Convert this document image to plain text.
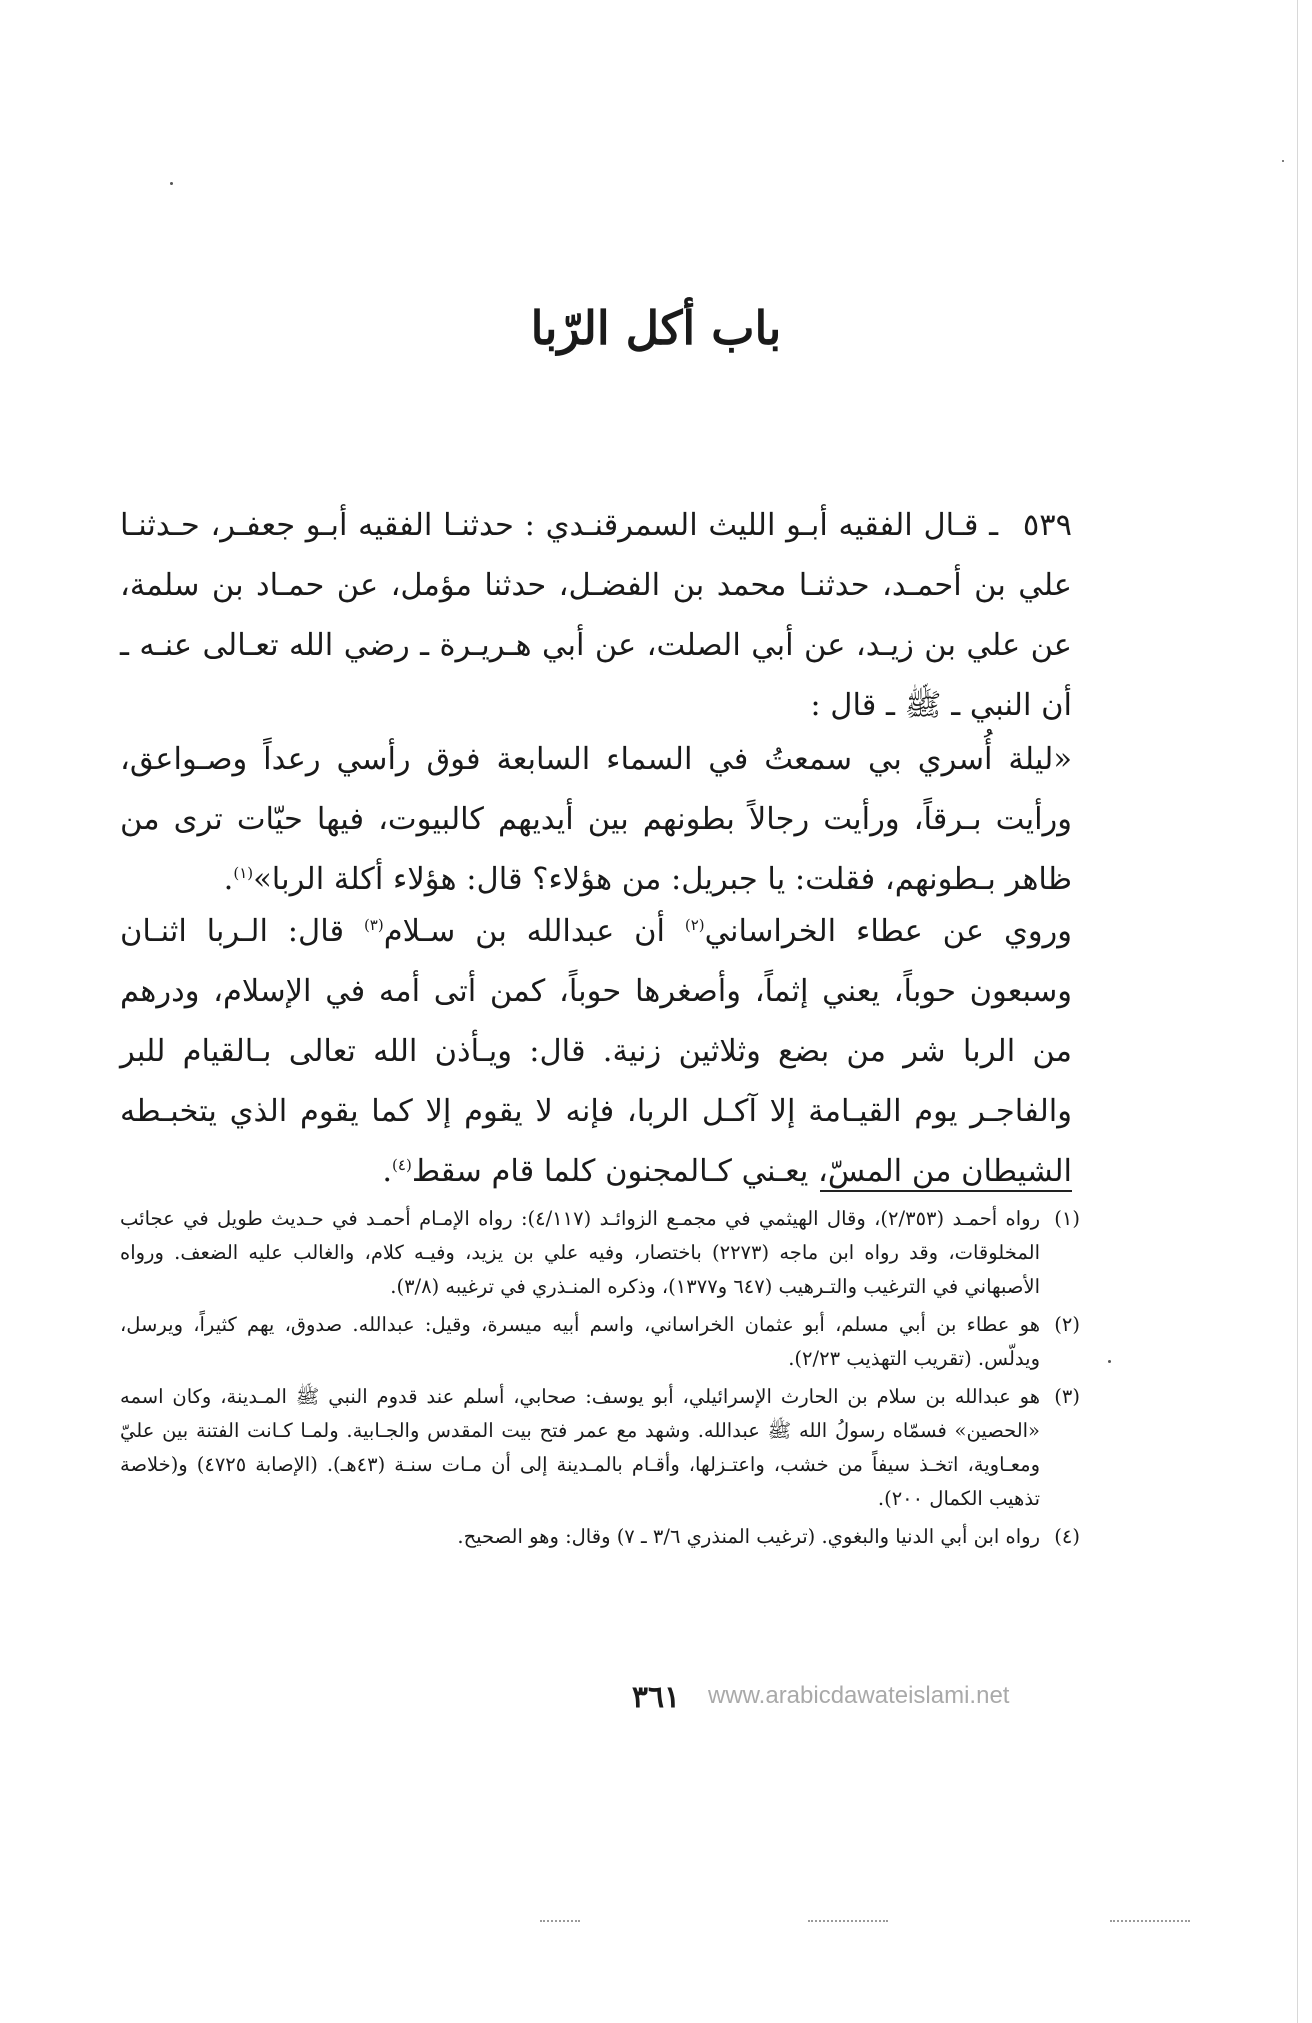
باب أكل الرّبا

٥٣٩ ـ قـال الفقيه أبـو الليث السمرقنـدي : حدثنـا الفقيه أبـو جعفـر، حـدثنـا علي بن أحمـد، حدثنـا محمد بن الفضـل، حدثنا مؤمل، عن حمـاد بن سلمة، عن علي بن زيـد، عن أبي الصلت، عن أبي هـريـرة ـ رضي الله تعـالى عنـه ـ أن النبي ـ ﷺ ـ قال :

«ليلة أُسري بي سمعتُ في السماء السابعة فوق رأسي رعداً وصـواعق، ورأيت بـرقاً، ورأيت رجالاً بطونهم بين أيديهم كالبيوت، فيها حيّات ترى من ظاهر بـطونهم، فقلت: يا جبريل: من هؤلاء؟ قال: هؤلاء أكلة الربا»$^{(١)}$.

وروي عن عطاء الخراساني$^{(٢)}$ أن عبدالله بن سـلام$^{(٣)}$ قال: الـربا اثنـان وسبعون حوباً، يعني إثماً، وأصغرها حوباً، كمن أتى أمه في الإسلام، ودرهم من الربا شر من بضع وثلاثين زنية. قال: ويـأذن الله تعالى بـالقيام للبر والفاجـر يوم القيـامة إلا آكـل الربا، فإنه لا يقوم إلا كما يقوم الذي يتخبـطه الشيطان من المسّ، يعـني كـالمجنون كلما قام سقط$^{(٤)}$.

(١)
رواه أحمـد (٢/٣٥٣)، وقال الهيثمي في مجمـع الزوائـد (٤/١١٧): رواه الإمـام أحمـد في حـديث طويل في عجائب المخلوقات، وقد رواه ابن ماجه (٢٢٧٣) باختصار، وفيه علي بن يزيد، وفيـه كلام، والغالب عليه الضعف. ورواه الأصبهاني في الترغيب والتـرهيب (٦٤٧ و١٣٧٧)، وذكره المنـذري في ترغيبه (٣/٨).
(٢)
هو عطاء بن أبي مسلم، أبو عثمان الخراساني، واسم أبيه ميسرة، وقيل: عبدالله. صدوق، يهم كثيراً، ويرسل، ويدلّس. (تقريب التهذيب ٢/٢٣).
(٣)
هو عبدالله بن سلام بن الحارث الإسرائيلي، أبو يوسف: صحابي، أسلم عند قدوم النبي ﷺ المـدينة، وكان اسمه «الحصين» فسمّاه رسولُ الله ﷺ عبدالله. وشهد مع عمر فتح بيت المقدس والجـابية. ولمـا كـانت الفتنة بين عليّ ومعـاوية، اتخـذ سيفاً من خشب، واعتـزلها، وأقـام بالمـدينة إلى أن مـات سنـة (٤٣هـ). (الإصابة ٤٧٢٥) و(خلاصة تذهيب الكمال ٢٠٠).
(٤)
رواه ابن أبي الدنيا والبغوي. (ترغيب المنذري ٣/٦ ـ ٧) وقال: وهو الصحيح.
٣٦١	www.arabicdawateislami.net
